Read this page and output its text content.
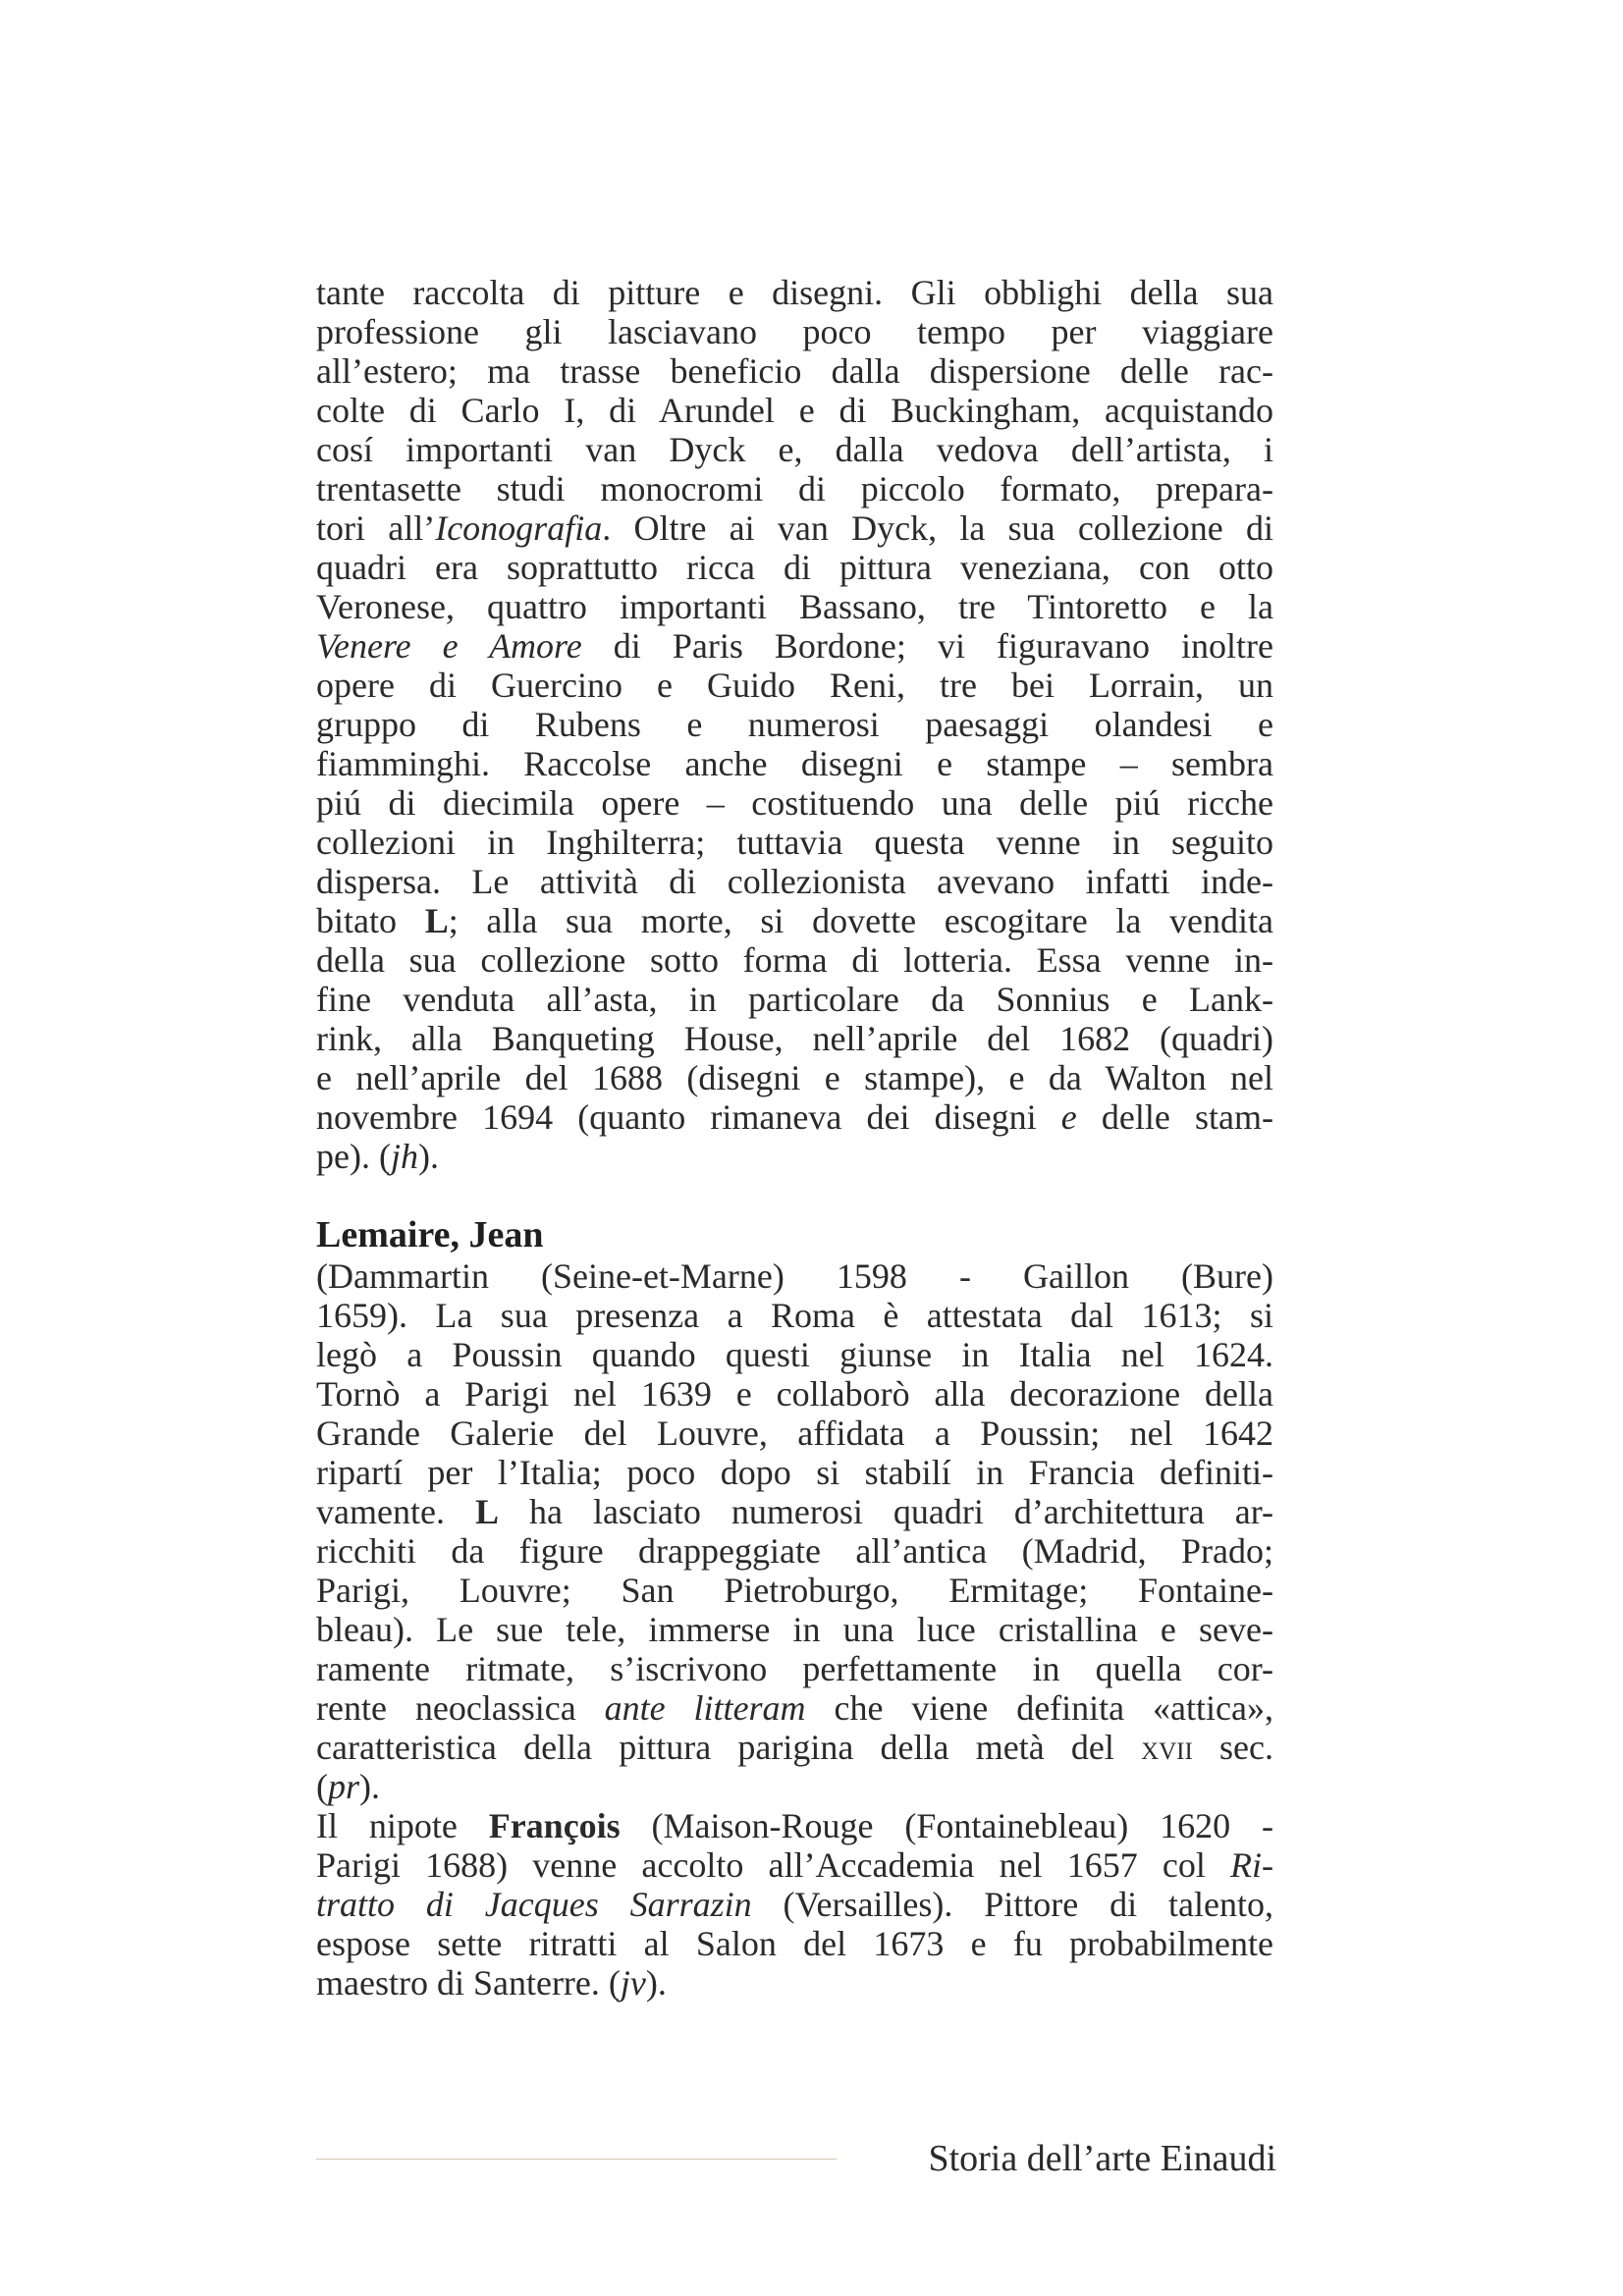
tante raccolta di pitture e disegni. Gli obblighi della sua
professione gli lasciavano poco tempo per viaggiare
all’estero; ma trasse beneficio dalla dispersione delle rac-
colte di Carlo I, di Arundel e di Buckingham, acquistando
cosí importanti van Dyck e, dalla vedova dell’artista, i
trentasette studi monocromi di piccolo formato, prepara-
tori all’Iconografia. Oltre ai van Dyck, la sua collezione di
quadri era soprattutto ricca di pittura veneziana, con otto
Veronese, quattro importanti Bassano, tre Tintoretto e la
Venere e Amore di Paris Bordone; vi figuravano inoltre
opere di Guercino e Guido Reni, tre bei Lorrain, un
gruppo di Rubens e numerosi paesaggi olandesi e
fiamminghi. Raccolse anche disegni e stampe – sembra
piú di diecimila opere – costituendo una delle piú ricche
collezioni in Inghilterra; tuttavia questa venne in seguito
dispersa. Le attività di collezionista avevano infatti inde-
bitato L; alla sua morte, si dovette escogitare la vendita
della sua collezione sotto forma di lotteria. Essa venne in-
fine venduta all’asta, in particolare da Sonnius e Lank-
rink, alla Banqueting House, nell’aprile del 1682 (quadri)
e nell’aprile del 1688 (disegni e stampe), e da Walton nel
novembre 1694 (quanto rimaneva dei disegni e delle stam-
pe). (jh).
Lemaire, Jean
(Dammartin (Seine-et-Marne) 1598 - Gaillon (Bure)
1659). La sua presenza a Roma è attestata dal 1613; si
legò a Poussin quando questi giunse in Italia nel 1624.
Tornò a Parigi nel 1639 e collaborò alla decorazione della
Grande Galerie del Louvre, affidata a Poussin; nel 1642
ripartí per l’Italia; poco dopo si stabilí in Francia definiti-
vamente. L ha lasciato numerosi quadri d’architettura ar-
ricchiti da figure drappeggiate all’antica (Madrid, Prado;
Parigi, Louvre; San Pietroburgo, Ermitage; Fontaine-
bleau). Le sue tele, immerse in una luce cristallina e seve-
ramente ritmate, s’iscrivono perfettamente in quella cor-
rente neoclassica ante litteram che viene definita «attica»,
caratteristica della pittura parigina della metà del xvii sec.
(pr).
Il nipote François (Maison-Rouge (Fontainebleau) 1620 -
Parigi 1688) venne accolto all’Accademia nel 1657 col Ri-
tratto di Jacques Sarrazin (Versailles). Pittore di talento,
espose sette ritratti al Salon del 1673 e fu probabilmente
maestro di Santerre. (jv).
Storia dell’arte Einaudi
